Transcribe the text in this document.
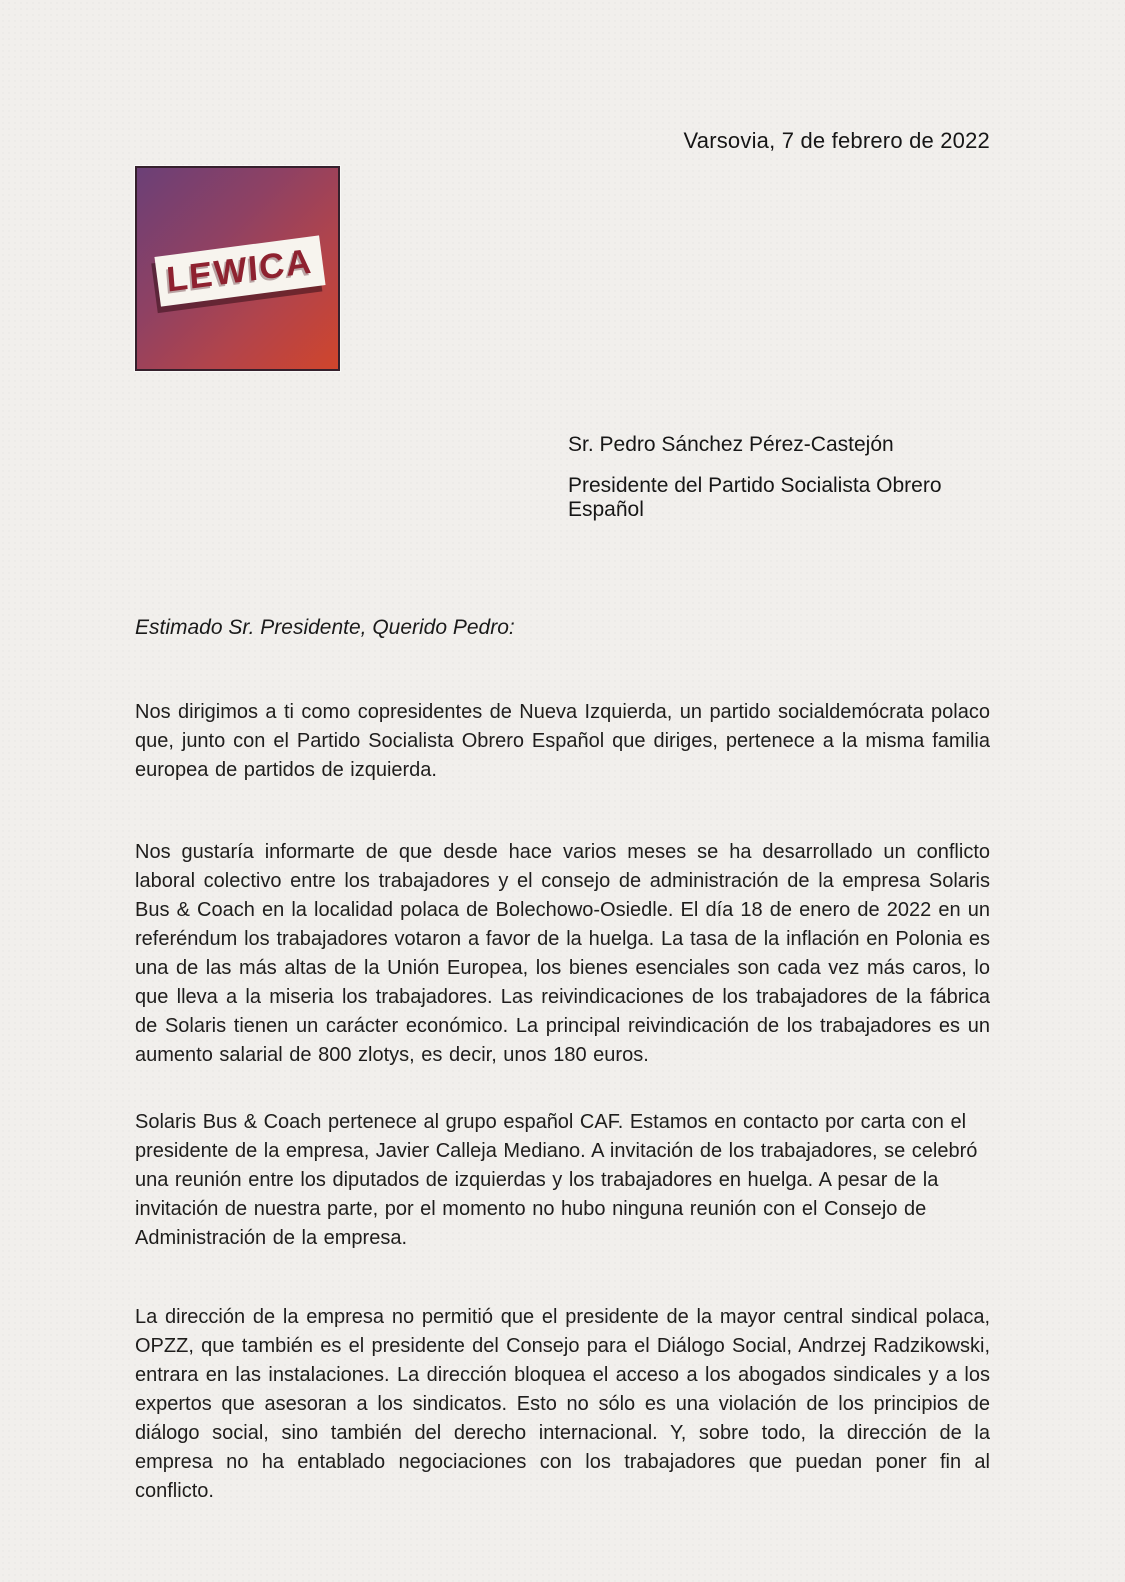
Varsovia, 7 de febrero de 2022
LEWICA
Sr. Pedro Sánchez Pérez-Castejón
Presidente del Partido Socialista Obrero Español
Estimado Sr. Presidente, Querido Pedro:

Nos dirigimos a ti como copresidentes de Nueva Izquierda, un partido socialdemócrata polaco que, junto con el Partido Socialista Obrero Español que diriges, pertenece a la misma familia europea de partidos de izquierda.

Nos gustaría informarte de que desde hace varios meses se ha desarrollado un conflicto laboral colectivo entre los trabajadores y el consejo de administración de la empresa Solaris Bus & Coach en la localidad polaca de Bolechowo-Osiedle. El día 18 de enero de 2022 en un referéndum los trabajadores votaron a favor de la huelga. La tasa de la inflación en Polonia es una de las más altas de la Unión Europea, los bienes esenciales son cada vez más caros, lo que lleva a la miseria los trabajadores. Las reivindicaciones de los trabajadores de la fábrica de Solaris tienen un carácter económico. La principal reivindicación de los trabajadores es un aumento salarial de 800 zlotys, es decir, unos 180 euros.

Solaris Bus & Coach pertenece al grupo español CAF. Estamos en contacto por carta con el presidente de la empresa, Javier Calleja Mediano. A invitación de los trabajadores, se celebró una reunión entre los diputados de izquierdas y los trabajadores en huelga. A pesar de la invitación de nuestra parte, por el momento no hubo ninguna reunión con el Consejo de Administración de la empresa.

La dirección de la empresa no permitió que el presidente de la mayor central sindical polaca, OPZZ, que también es el presidente del Consejo para el Diálogo Social, Andrzej Radzikowski, entrara en las instalaciones. La dirección bloquea el acceso a los abogados sindicales y a los expertos que asesoran a los sindicatos. Esto no sólo es una violación de los principios de diálogo social, sino también del derecho internacional. Y, sobre todo, la dirección de la empresa no ha entablado negociaciones con los trabajadores que puedan poner fin al conflicto.
